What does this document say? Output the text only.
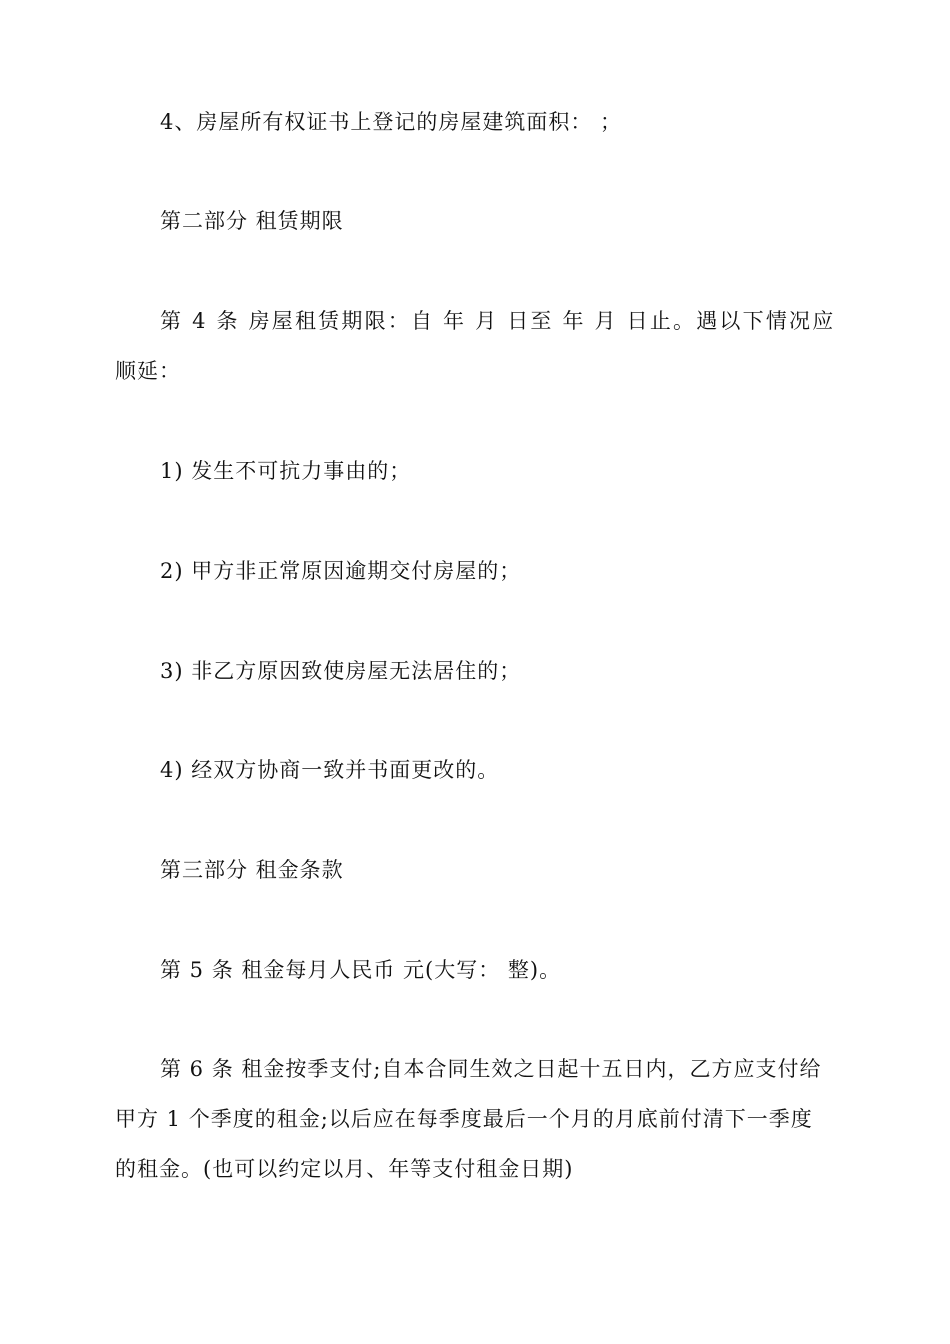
4、房屋所有权证书上登记的房屋建筑面积： ；
第二部分 租赁期限
第 4 条 房屋租赁期限：自 年 月 日至 年 月 日止。遇以下情况应
顺延：
1) 发生不可抗力事由的；
2) 甲方非正常原因逾期交付房屋的；
3) 非乙方原因致使房屋无法居住的；
4) 经双方协商一致并书面更改的。
第三部分 租金条款
第 5 条 租金每月人民币 元(大写： 整)。
第 6 条 租金按季支付;自本合同生效之日起十五日内，乙方应支付给
甲方 1 个季度的租金;以后应在每季度最后一个月的月底前付清下一季度
的租金。(也可以约定以月、年等支付租金日期)
